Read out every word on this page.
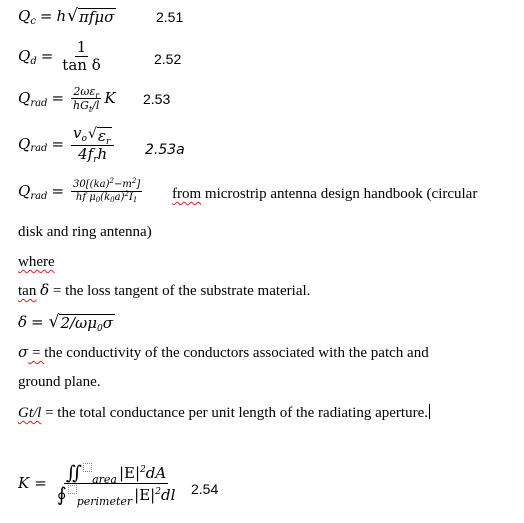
Q c = h √ πfμσ	2.51
Q $d = \frac{1}{\text{tan δ}}$	2.52
Q rad = $\frac{2\omega\varepsilon_r}{hG_t/l}$ K 2.53
Q rad = $\frac{v_o √ \varepsilon_r}{4f_rh} 2.53a$
Q rad = $\frac{30[(ka)^2-m^2]}{hf \mu_0(k_0a)^2I_1}$ from microstrip antenna design handbook (circular
disk and ring antenna)
where
tan δ = the loss tangent of the substrate material.
δ = √ $2/\omega\mu_0\sigma$
σ = the conductivity of the conductors associated with the patch and
ground plane.
Gt/l = the total conductance per unit length of the radiating aperture.
$K = \frac{∬ _{area} |E|^2dA}{∮ _{perimeter} |E|^2dl} 2.54$
